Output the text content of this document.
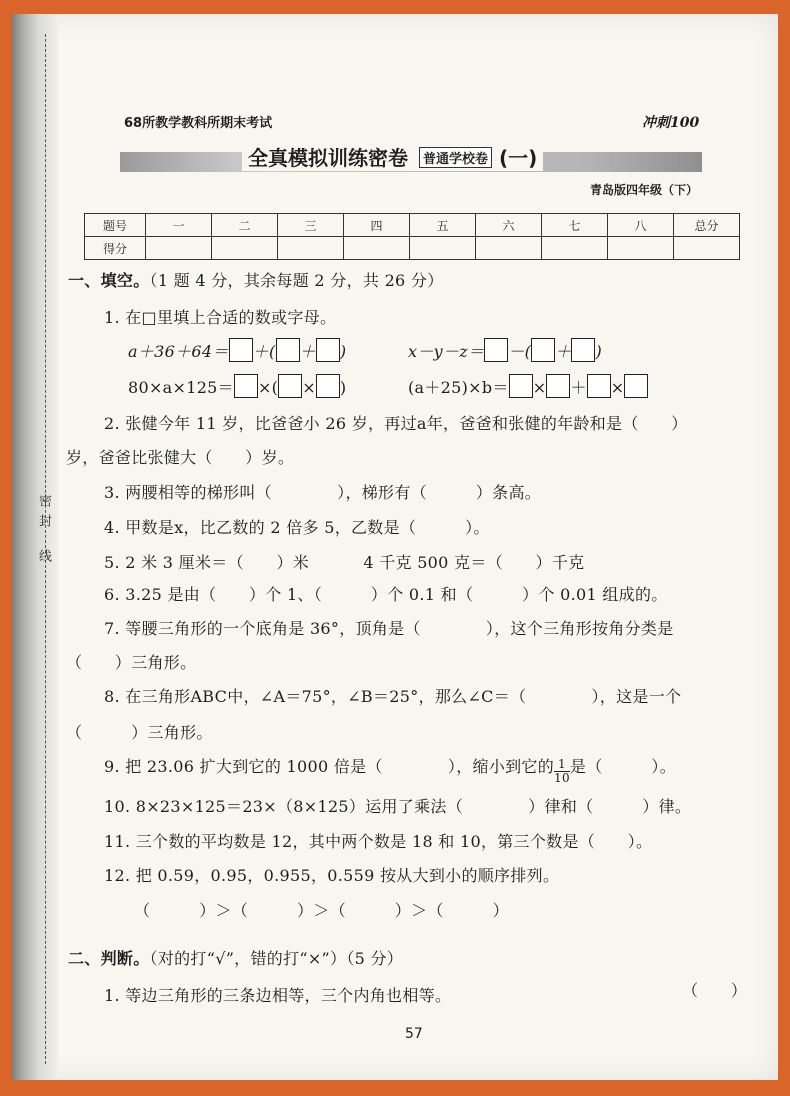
密
封
线
68所教学教科所期末考试	冲刺100
全真模拟训练密卷 普通学校卷 (一)
青岛版四年级（下）
题号	一	二	三	四	五	六	七	八	总分
得分									
一、填空。（1 题 4 分，其余每题 2 分，共 26 分）
1. 在□里填上合适的数或字母。
a＋36＋64＝ ＋( ＋ )	x－y－z＝ －( ＋ )
80×a×125＝ ×( × )	(a＋25)×b＝ × ＋ ×
2. 张健今年 11 岁，比爸爸小 26 岁，再过a年，爸爸和张健的年龄和是（　　）
岁，爸爸比张健大（　　）岁。
3. 两腰相等的梯形叫（　　　　），梯形有（　　　）条高。
4. 甲数是x，比乙数的 2 倍多 5，乙数是（　　　）。
5. 2 米 3 厘米＝（　　）米　　　 4 千克 500 克＝（　　）千克
6. 3.25 是由（　　）个 1、（　　　）个 0.1 和（　　　）个 0.01 组成的。
7. 等腰三角形的一个底角是 36°，顶角是（　　　　），这个三角形按角分类是
（　　）三角形。
8. 在三角形ABC中，∠A＝75°，∠B＝25°，那么∠C＝（　　　　），这是一个
（　　　）三角形。
9. 把 23.06 扩大到它的 1000 倍是（　　　　），缩小到它的 $\frac{1}{10}$ 是（　　　）。
10. 8×23×125＝23×（8×125）运用了乘法（　　　　）律和（　　　）律。
11. 三个数的平均数是 12，其中两个数是 18 和 10，第三个数是（　　）。
12. 把 0.59，0.95，0.955，0.559 按从大到小的顺序排列。
（　　　）＞（　　　）＞（　　　）＞（　　　）
二、判断。（对的打“√”，错的打“×”）（5 分）
1. 等边三角形的三条边相等，三个内角也相等。	（　　）
57
